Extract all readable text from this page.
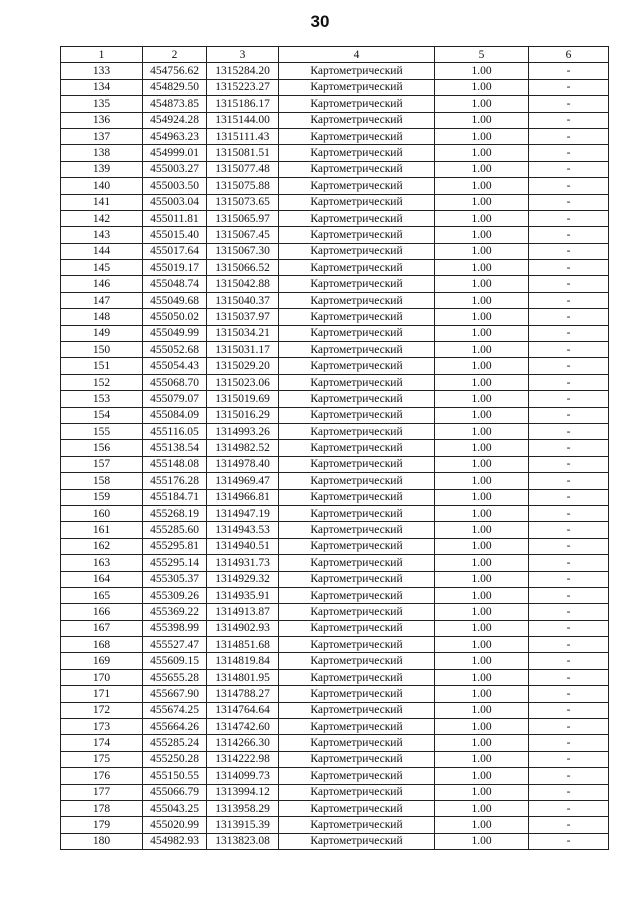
30
1	2	3	4	5	6
133	454756.62	1315284.20	Картометрический	1.00	-
134	454829.50	1315223.27	Картометрический	1.00	-
135	454873.85	1315186.17	Картометрический	1.00	-
136	454924.28	1315144.00	Картометрический	1.00	-
137	454963.23	1315111.43	Картометрический	1.00	-
138	454999.01	1315081.51	Картометрический	1.00	-
139	455003.27	1315077.48	Картометрический	1.00	-
140	455003.50	1315075.88	Картометрический	1.00	-
141	455003.04	1315073.65	Картометрический	1.00	-
142	455011.81	1315065.97	Картометрический	1.00	-
143	455015.40	1315067.45	Картометрический	1.00	-
144	455017.64	1315067.30	Картометрический	1.00	-
145	455019.17	1315066.52	Картометрический	1.00	-
146	455048.74	1315042.88	Картометрический	1.00	-
147	455049.68	1315040.37	Картометрический	1.00	-
148	455050.02	1315037.97	Картометрический	1.00	-
149	455049.99	1315034.21	Картометрический	1.00	-
150	455052.68	1315031.17	Картометрический	1.00	-
151	455054.43	1315029.20	Картометрический	1.00	-
152	455068.70	1315023.06	Картометрический	1.00	-
153	455079.07	1315019.69	Картометрический	1.00	-
154	455084.09	1315016.29	Картометрический	1.00	-
155	455116.05	1314993.26	Картометрический	1.00	-
156	455138.54	1314982.52	Картометрический	1.00	-
157	455148.08	1314978.40	Картометрический	1.00	-
158	455176.28	1314969.47	Картометрический	1.00	-
159	455184.71	1314966.81	Картометрический	1.00	-
160	455268.19	1314947.19	Картометрический	1.00	-
161	455285.60	1314943.53	Картометрический	1.00	-
162	455295.81	1314940.51	Картометрический	1.00	-
163	455295.14	1314931.73	Картометрический	1.00	-
164	455305.37	1314929.32	Картометрический	1.00	-
165	455309.26	1314935.91	Картометрический	1.00	-
166	455369.22	1314913.87	Картометрический	1.00	-
167	455398.99	1314902.93	Картометрический	1.00	-
168	455527.47	1314851.68	Картометрический	1.00	-
169	455609.15	1314819.84	Картометрический	1.00	-
170	455655.28	1314801.95	Картометрический	1.00	-
171	455667.90	1314788.27	Картометрический	1.00	-
172	455674.25	1314764.64	Картометрический	1.00	-
173	455664.26	1314742.60	Картометрический	1.00	-
174	455285.24	1314266.30	Картометрический	1.00	-
175	455250.28	1314222.98	Картометрический	1.00	-
176	455150.55	1314099.73	Картометрический	1.00	-
177	455066.79	1313994.12	Картометрический	1.00	-
178	455043.25	1313958.29	Картометрический	1.00	-
179	455020.99	1313915.39	Картометрический	1.00	-
180	454982.93	1313823.08	Картометрический	1.00	-
